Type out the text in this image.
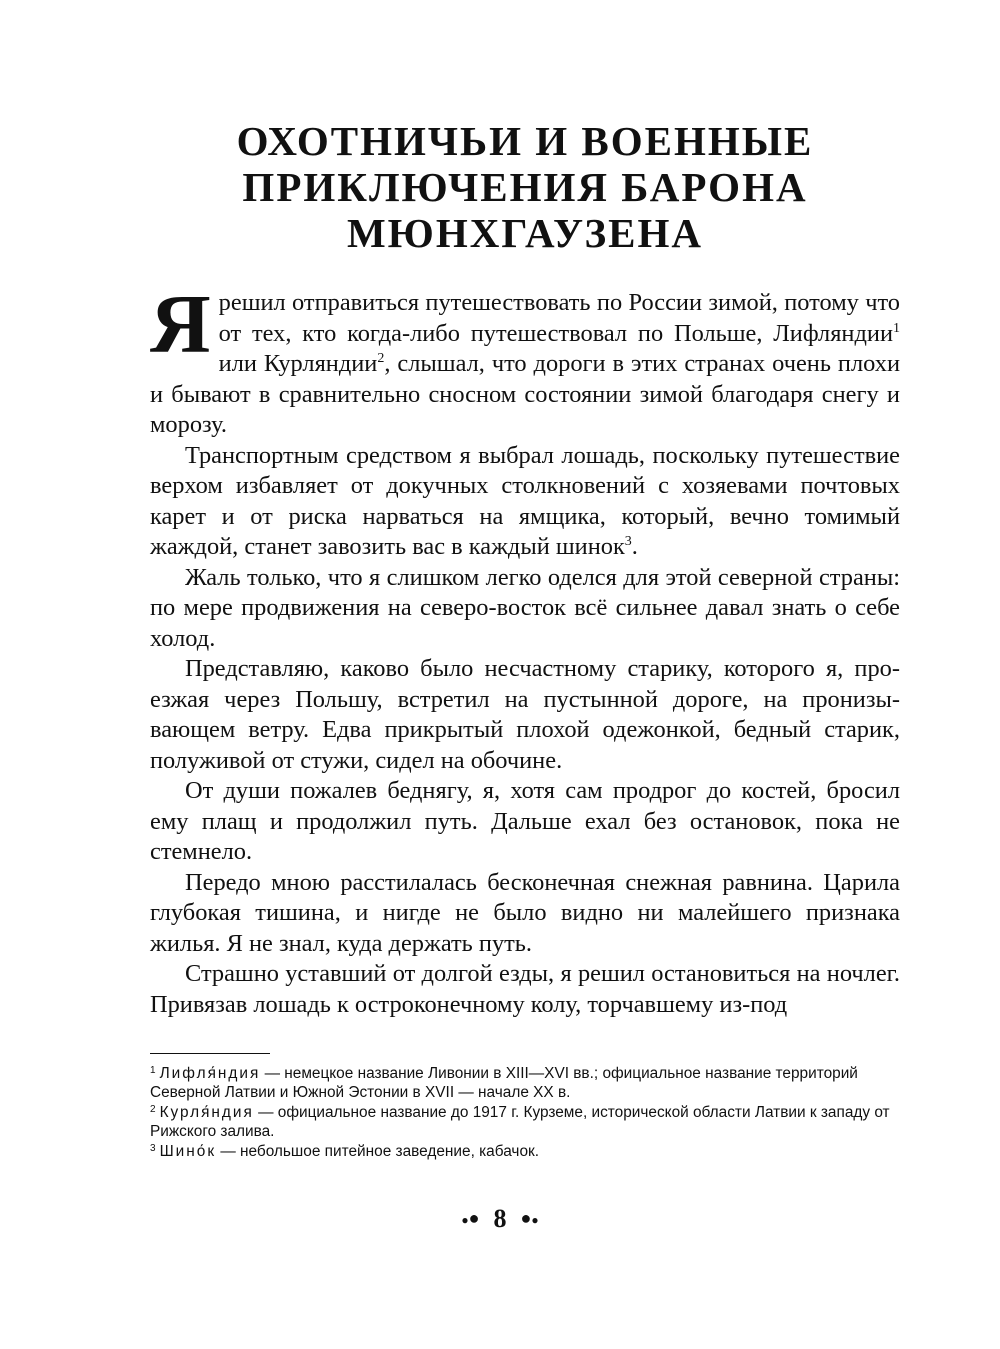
ОХОТНИЧЬИ И ВОЕННЫЕ
ПРИКЛЮЧЕНИЯ БАРОНА
МЮНХГАУЗЕНА

Ярешил отправиться путешествовать по России зимой, потому что от тех, кто когда-либо путешествовал по Польше, Лифляндии$^1$ или Курляндии$^2$, слышал, что дороги в этих странах очень плохи и бывают в сравнительно сносном состоянии зимой благодаря снегу и морозу.

Транспортным средством я выбрал лошадь, поскольку путешествие верхом избавляет от докучных столкновений с хозяевами почтовых карет и от риска нарваться на ямщика, который, вечно томимый жаждой, станет завозить вас в каждый шинок$^3$.

Жаль только, что я слишком легко оделся для этой северной страны: по мере продвижения на северо-восток всё сильнее давал знать о себе холод.

Представляю, каково было несчастному старику, которого я, проезжая через Польшу, встретил на пустынной дороге, на пронизывающем ветру. Едва прикрытый плохой одежонкой, бедный старик, полуживой от стужи, сидел на обочине.

От души пожалев беднягу, я, хотя сам продрог до костей, бросил ему плащ и продолжил путь. Дальше ехал без остановок, пока не стемнело.

Передо мною расстилалась бесконечная снежная равнина. Царила глубокая тишина, и нигде не было видно ни малейшего признака жилья. Я не знал, куда держать путь.

Страшно уставший от долгой езды, я решил остановиться на ночлег. Привязав лошадь к остроконечному колу, торчавшему из-под

$^1$ Лифля́ндия — немецкое название Ливонии в XIII—XVI вв.; официальное название территорий Северной Латвии и Южной Эстонии в XVII — начале XX в.

$^2$ Курля́ндия — официальное название до 1917 г. Курземе, исторической области Латвии к западу от Рижского залива.

$^3$ Шино́к — небольшое питейное заведение, кабачок.

●● 8 ●●
